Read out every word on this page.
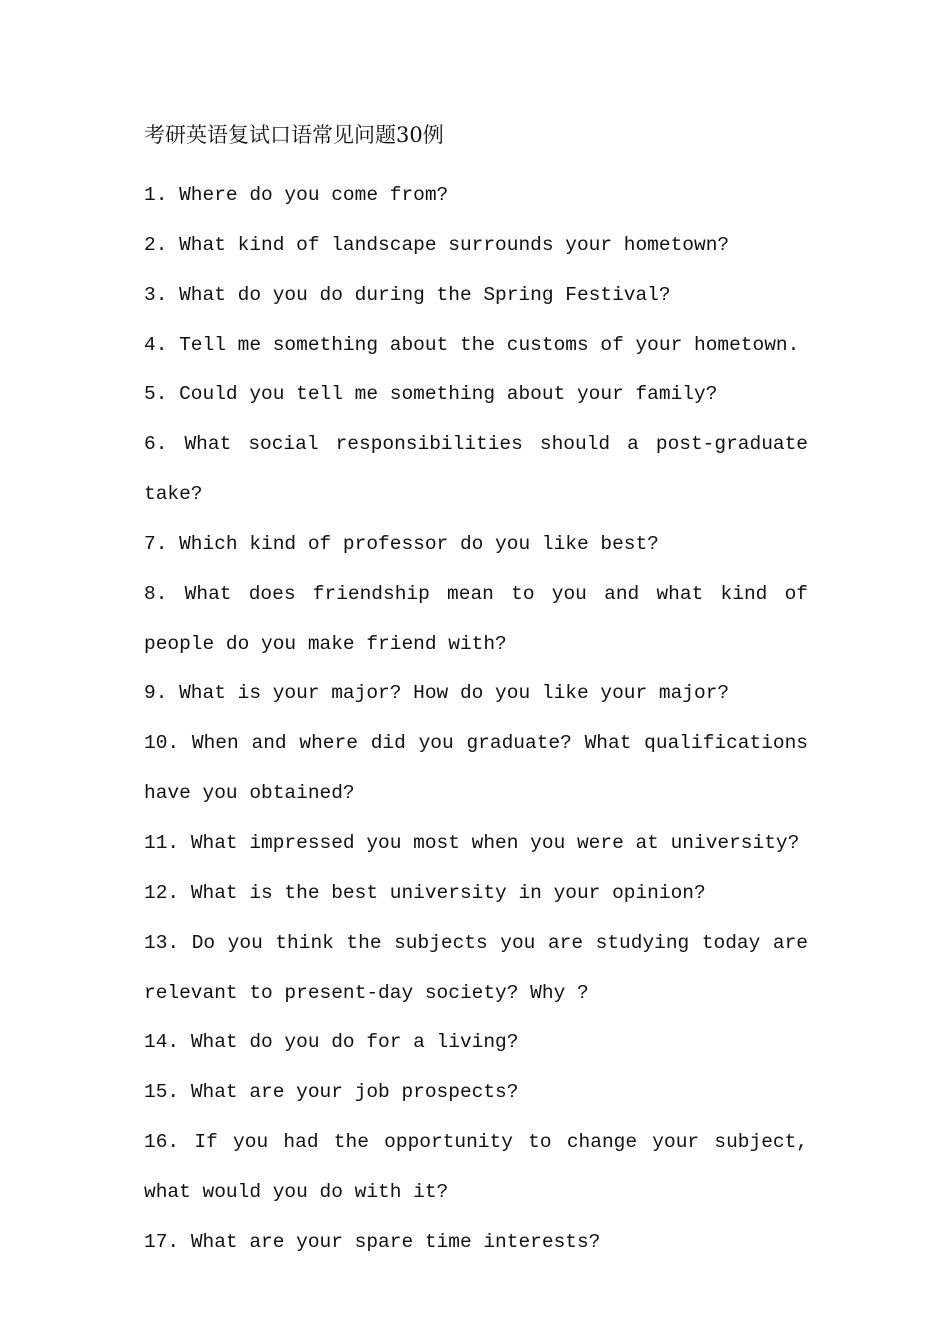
考研英语复试口语常见问题30例
1. Where do you come from?
2. What kind of landscape surrounds your hometown?
3. What do you do during the Spring Festival?
4. Tell me something about the customs of your hometown.
5. Could you tell me something about your family?
6. What social responsibilities should a post-graduate take?
7. Which kind of professor do you like best?
8. What does friendship mean to you and what kind of people do you make friend with?
9. What is your major? How do you like your major?
10. When and where did you graduate? What qualifications have you obtained?
11. What impressed you most when you were at university?
12. What is the best university in your opinion?
13. Do you think the subjects you are studying today are relevant to present-day society? Why ?
14. What do you do for a living?
15. What are your job prospects?
16. If you had the opportunity to change your subject, what would you do with it?
17. What are your spare time interests?
